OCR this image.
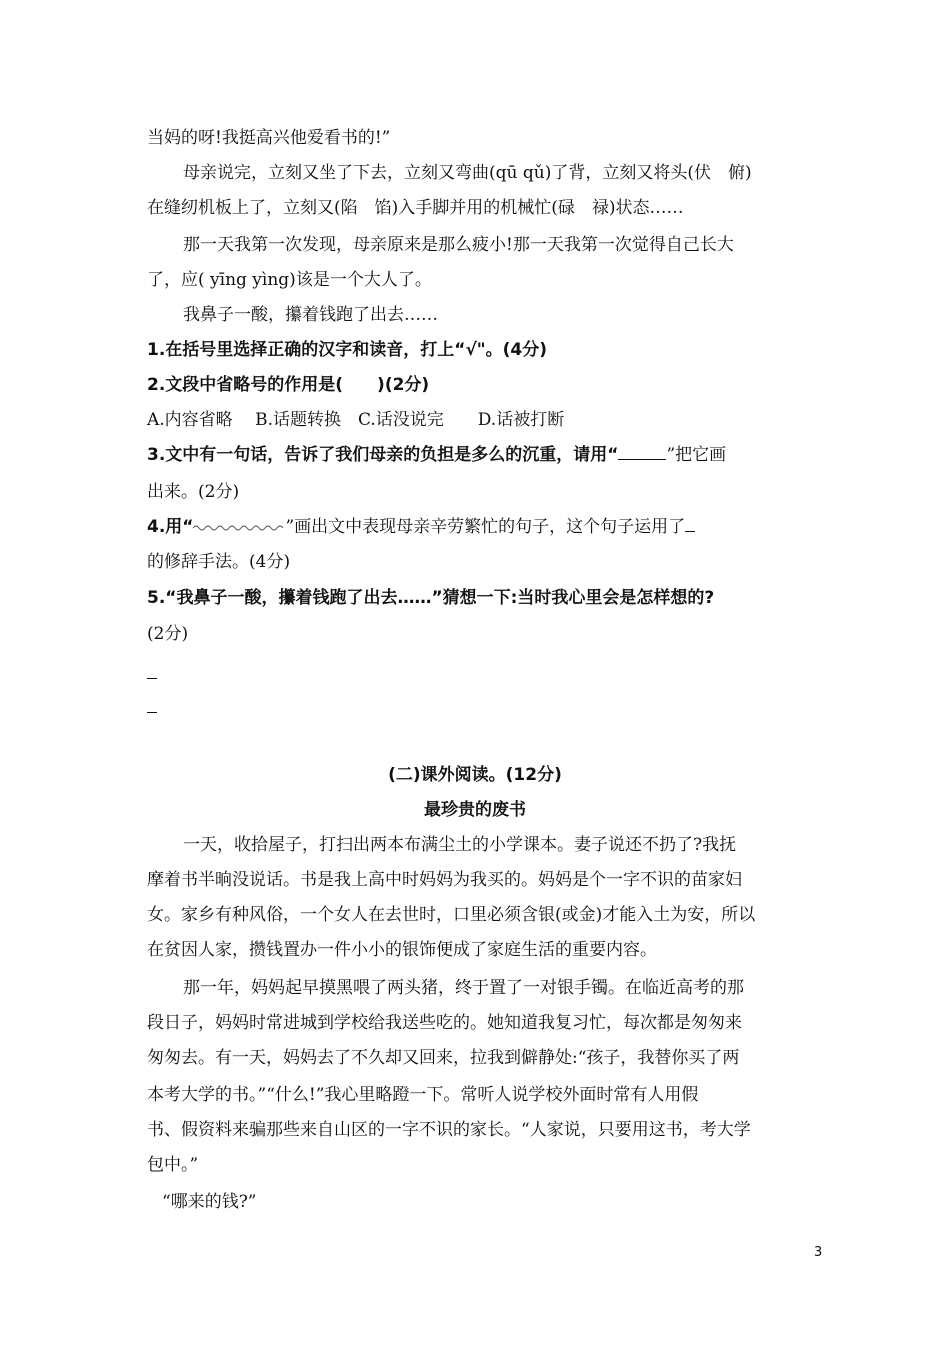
当妈的呀!我挺高兴他爱看书的!”
母亲说完，立刻又坐了下去，立刻又弯曲(qū qǔ)了背，立刻又将头(伏　俯)
在缝纫机板上了，立刻又(陷　馅)入手脚并用的机械忙(碌　禄)状态……
那一天我第一次发现，母亲原来是那么疲小!那一天我第一次觉得自己长大
了，应( yīng yìng)该是一个大人了。
我鼻子一酸，攥着钱跑了出去……
1.在括号里选择正确的汉字和读音，打上“√"。(4分)
2.文段中省略号的作用是(　　)(2分)
A.内容省略　 B.话题转换　C.话没说完　　D.话被打断
3.文中有一句话，告诉了我们母亲的负担是多么的沉重，请用“	”把它画
出来。(2分)
4.用“	”画出文中表现母亲辛劳繁忙的句子，这个句子运用了
的修辞手法。(4分)
5.“我鼻子一酸，攥着钱跑了出去……”猜想一下:当时我心里会是怎样想的?
(2分)
(二)课外阅读。(12分)
最珍贵的废书
一天，收拾屋子，打扫出两本布满尘土的小学课本。妻子说还不扔了?我抚
摩着书半晌没说话。书是我上高中时妈妈为我买的。妈妈是个一字不识的苗家妇
女。家乡有种风俗，一个女人在去世时，口里必须含银(或金)才能入土为安，所以
在贫因人家，攒钱置办一件小小的银饰便成了家庭生活的重要内容。
那一年，妈妈起早摸黑喂了两头猪，终于置了一对银手镯。在临近高考的那
段日子，妈妈时常进城到学校给我送些吃的。她知道我复习忙，每次都是匆匆来
匆匆去。有一天，妈妈去了不久却又回来，拉我到僻静处:“孩子，我替你买了两
本考大学的书。”“什么!”我心里略蹬一下。常听人说学校外面时常有人用假
书、假资料来骗那些来自山区的一字不识的家长。“人家说，只要用这书，考大学
包中。”
“哪来的钱?”
3
